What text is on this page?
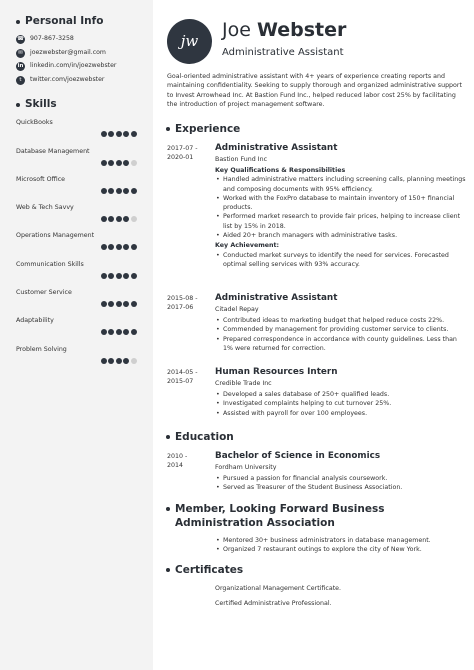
Personal Info
☎ 907-867-3258
✉	joezwebster@gmail.com
in linkedin.com/in/joezwebster
t	twitter.com/joezwebster
Skills
QuickBooks
Database Management
Microsoft Office
Web & Tech Savvy
Operations Management
Communication Skills
Customer Service
Adaptability
Problem Solving
jw	Joe Webster
Administrative Assistant
Goal-oriented administrative assistant with 4+ years of experience creating reports and maintaining confidentiality. Seeking to supply thorough and organized administrative support to Invest Arrowhead Inc. At Bastion Fund Inc., helped reduced labor cost 25% by facilitating the introduction of project management software.
Experience
2017-07 -
2020-01
Administrative Assistant
Bastion Fund Inc
Key Qualifications & Responsibilities
• Handled administrative matters including screening calls, planning meetings and composing documents with 95% efficiency.
• Worked with the FoxPro database to maintain inventory of 150+ financial products.
• Performed market research to provide fair prices, helping to increase client list by 15% in 2018.
• Aided 20+ branch managers with administrative tasks.
Key Achievement:
• Conducted market surveys to identify the need for services. Forecasted optimal selling services with 93% accuracy.
2015-08 -
2017-06
Administrative Assistant
Citadel Repay
• Contributed ideas to marketing budget that helped reduce costs 22%.
• Commended by management for providing customer service to clients.
• Prepared correspondence in accordance with county guidelines. Less than 1% were returned for correction.
2014-05 -
2015-07
Human Resources Intern
Credible Trade Inc
• Developed a sales database of 250+ qualified leads.
• Investigated complaints helping to cut turnover 25%.
• Assisted with payroll for over 100 employees.
Education
2010 -
2014
Bachelor of Science in Economics
Fordham University
• Pursued a passion for financial analysis coursework.
• Served as Treasurer of the Student Business Association.
Member, Looking Forward Business Administration Association
• Mentored 30+ business administrators in database management.
• Organized 7 restaurant outings to explore the city of New York.
Certificates
Organizational Management Certificate.
Certified Administrative Professional.
